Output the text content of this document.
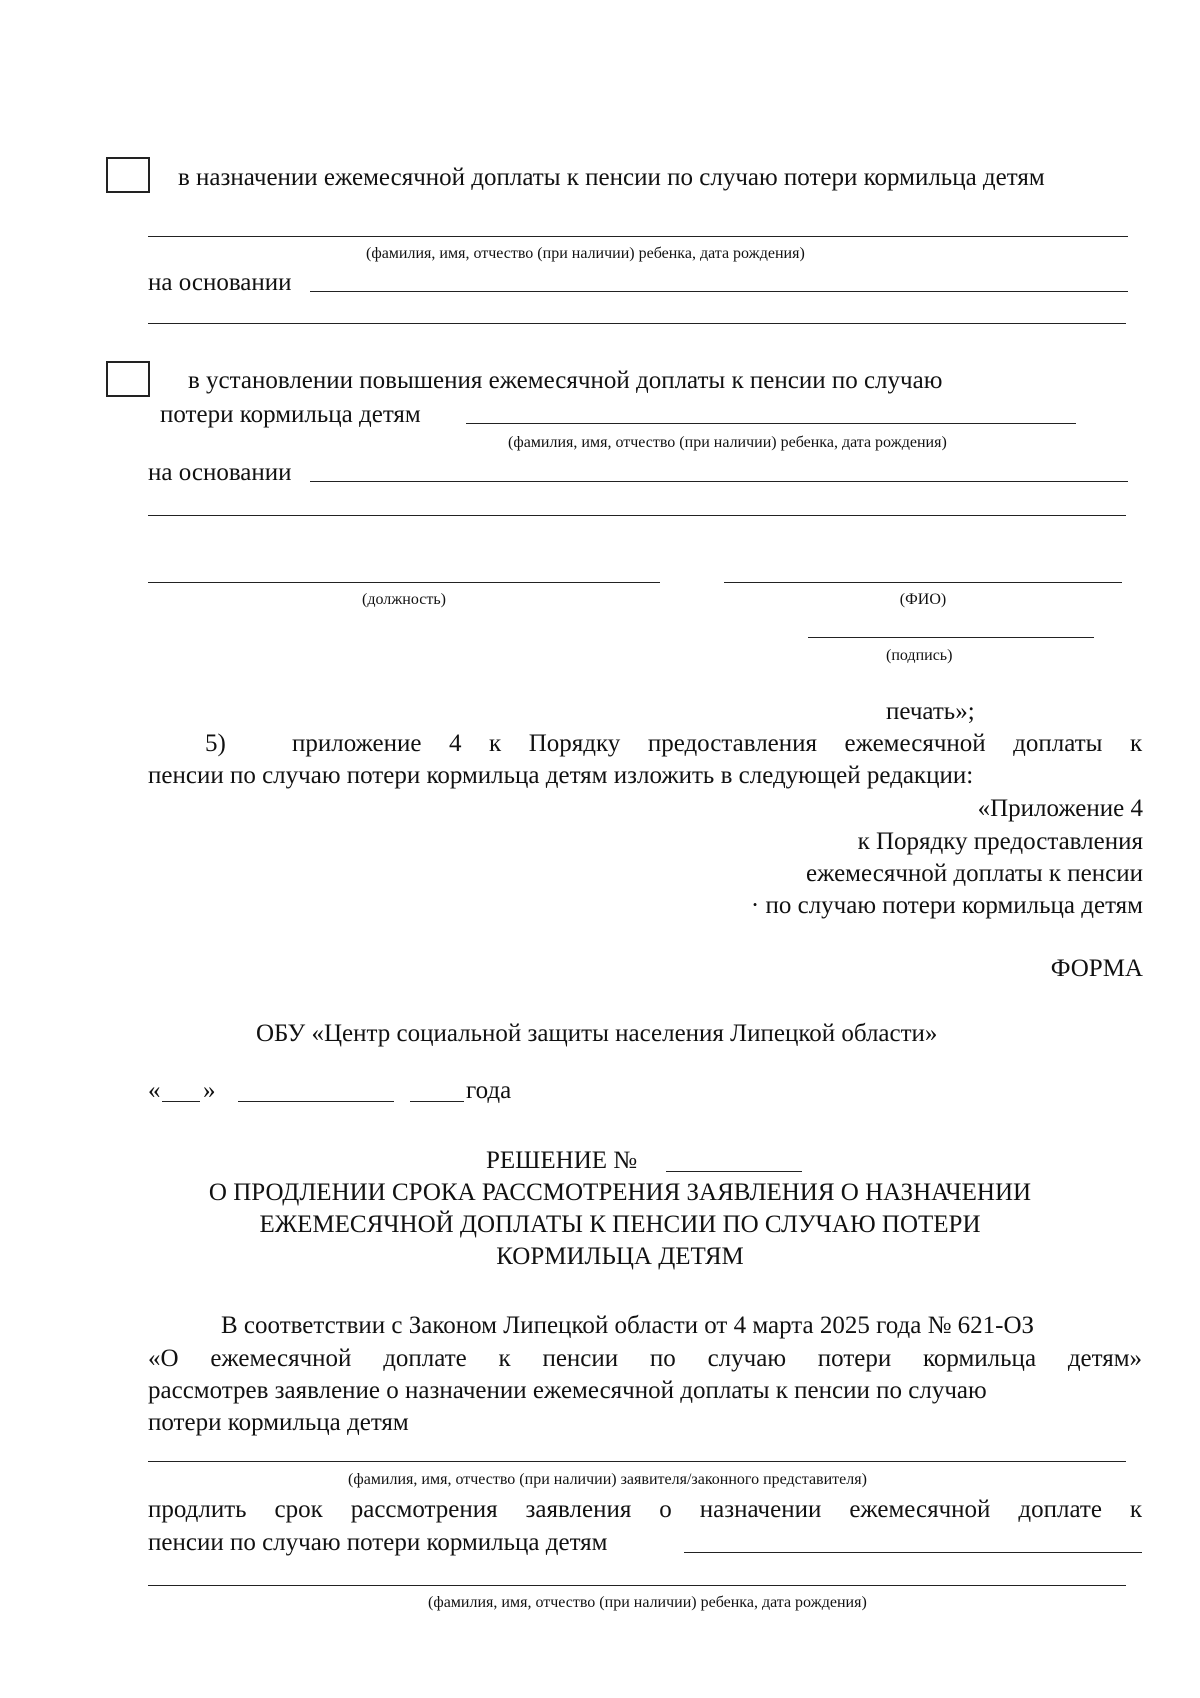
в назначении ежемесячной доплаты к пенсии по случаю потери кормильца детям
(фамилия, имя, отчество (при наличии) ребенка, дата рождения)
на основании
в установлении повышения ежемесячной доплаты к пенсии по случаю
потери кормильца детям
(фамилия, имя, отчество (при наличии) ребенка, дата рождения)
на основании
(должность)	(ФИО)
(подпись)
печать»;
5)	приложение 4 к Порядку предоставления ежемесячной доплаты к
пенсии по случаю потери кормильца детям изложить в следующей редакции:
«Приложение 4
к Порядку предоставления
ежемесячной доплаты к пенсии
· по случаю потери кормильца детям
ФОРМА
ОБУ «Центр социальной защиты населения Липецкой области»
« »	года
РЕШЕНИЕ №
О ПРОДЛЕНИИ СРОКА РАССМОТРЕНИЯ ЗАЯВЛЕНИЯ О НАЗНАЧЕНИИ
ЕЖЕМЕСЯЧНОЙ ДОПЛАТЫ К ПЕНСИИ ПО СЛУЧАЮ ПОТЕРИ
КОРМИЛЬЦА ДЕТЯМ
В соответствии с Законом Липецкой области от 4 марта 2025 года № 621-ОЗ
«О ежемесячной доплате к пенсии по случаю потери кормильца детям»
рассмотрев заявление о назначении ежемесячной доплаты к пенсии по случаю
потери кормильца детям
(фамилия, имя, отчество (при наличии) заявителя/законного представителя)
продлить срок рассмотрения заявления о назначении ежемесячной доплате к
пенсии по случаю потери кормильца детям
(фамилия, имя, отчество (при наличии) ребенка, дата рождения)
